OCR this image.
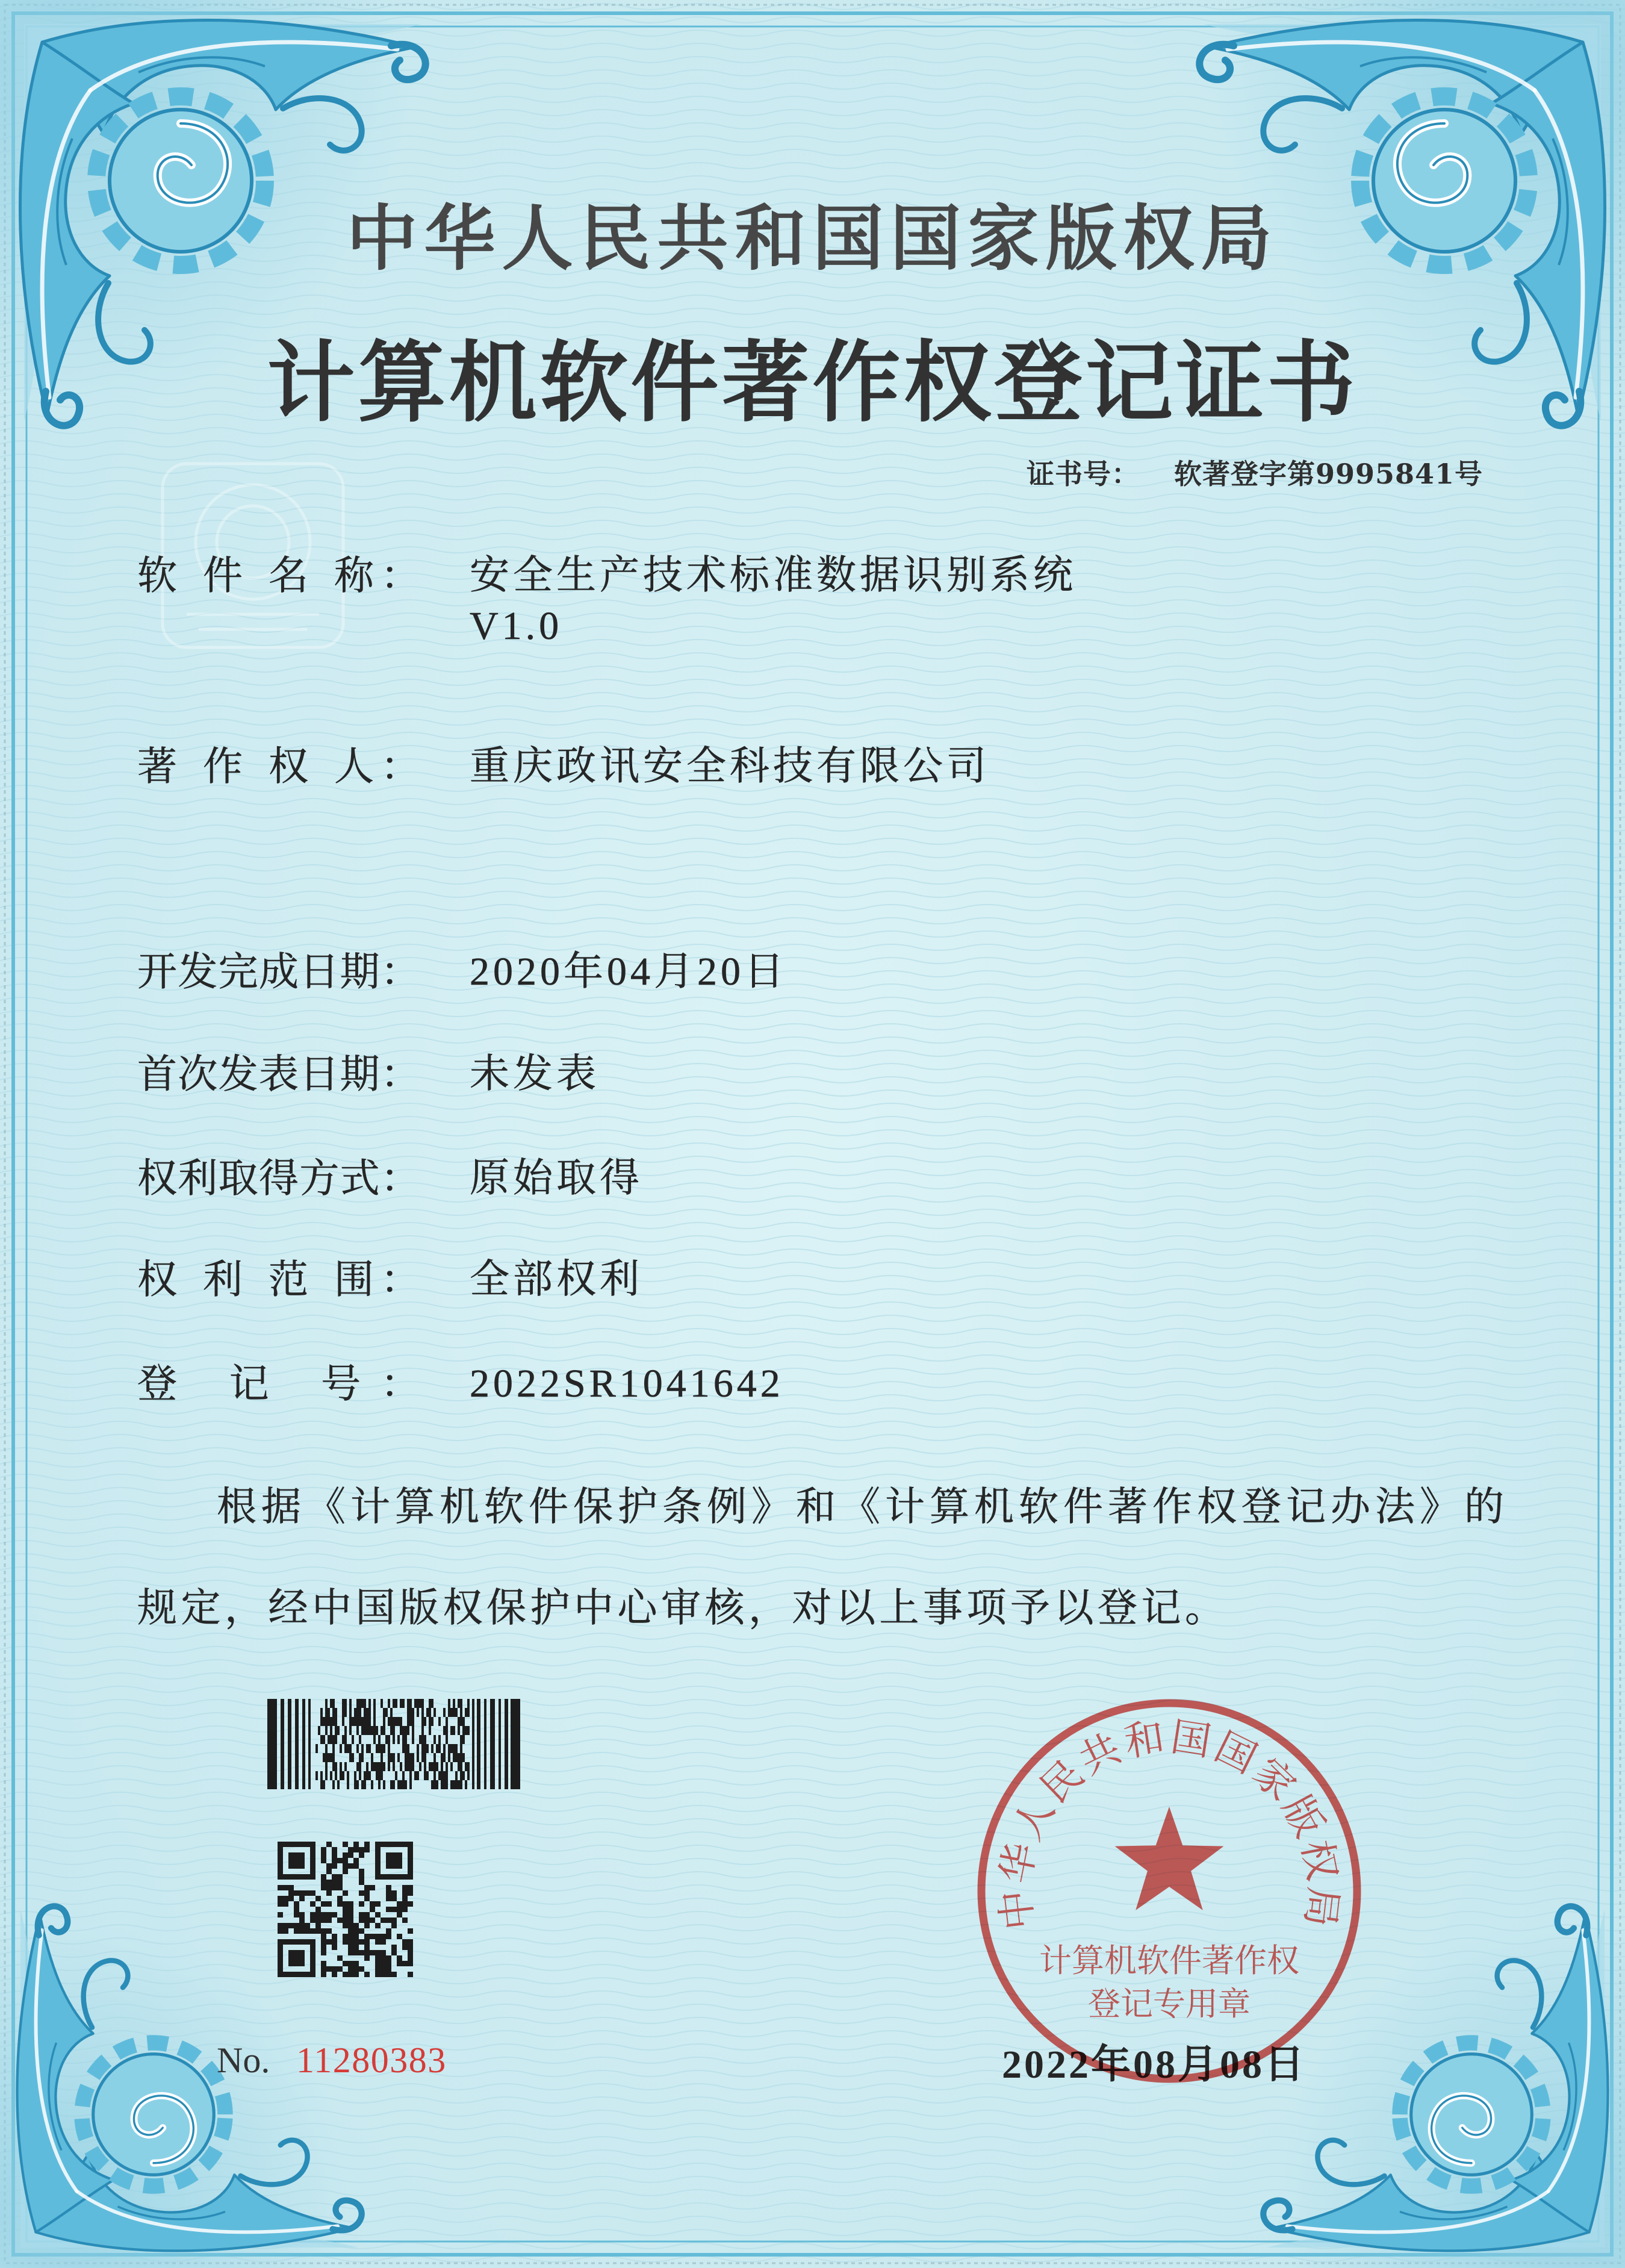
中华人民共和国国家版权局
计算机软件著作权登记证书
证书号： 软著登字第9995841号
软 件 名 称： 安全生产技术标准数据识别系统
V1.0
著 作 权 人： 重庆政讯安全科技有限公司
开发完成日期： 2020年04月20日
首次发表日期： 未发表
权利取得方式： 原始取得
权 利 范 围： 全部权利
登 记 号： 2022SR1041642
根据《计算机软件保护条例》和《计算机软件著作权登记办法》的
规定，经中国版权保护中心审核，对以上事项予以登记。
No. 11280383	2022年08月08日
中华人民共和国国家版权局
计算机软件著作权
登记专用章
